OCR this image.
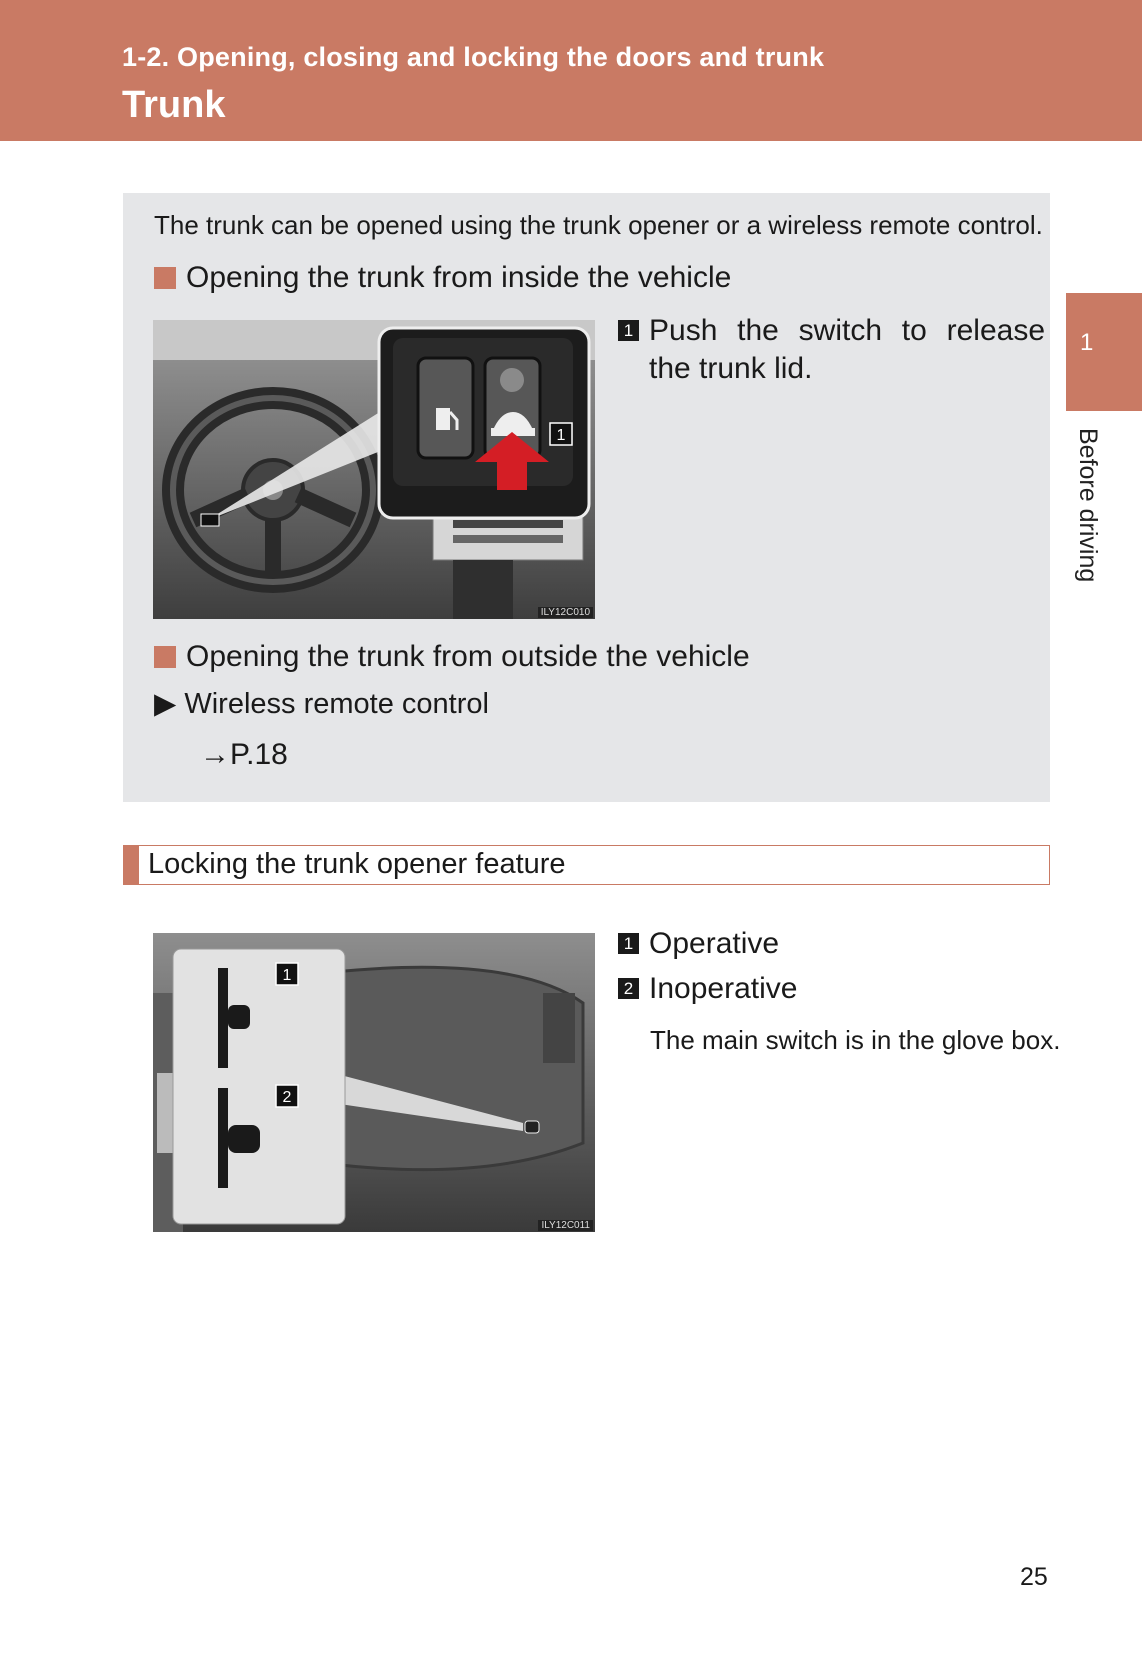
1-2. Opening, closing and locking the doors and trunk
Trunk
1
Before driving
The trunk can be opened using the trunk opener or a wireless remote control.
Opening the trunk from inside the vehicle
1
ILY12C010
1 Push the switch to release the trunk lid.
Opening the trunk from outside the vehicle
▶ Wireless remote control
→P.18
Locking the trunk opener feature
1
2
ILY12C011
1 Operative
2 Inoperative
The main switch is in the glove box.
25
